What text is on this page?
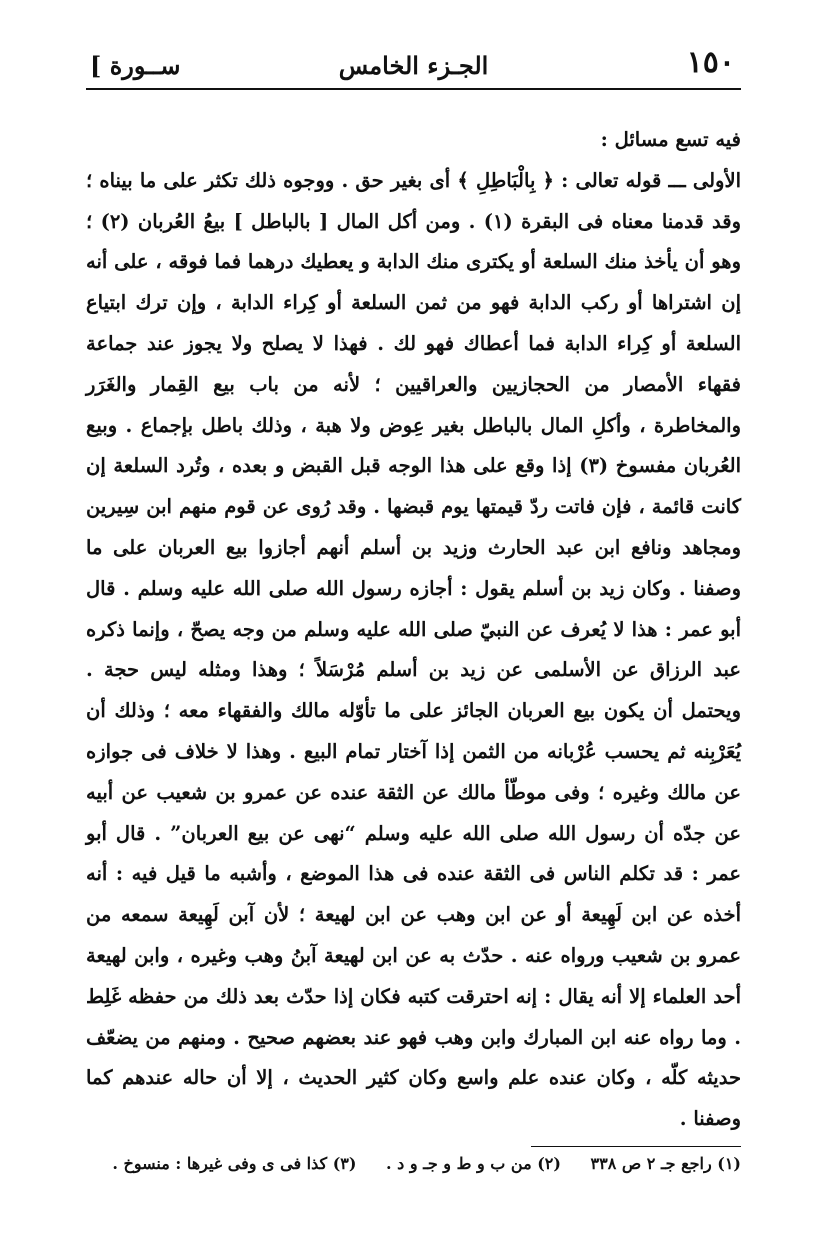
١٥٠
الجـزء الخامس
[ ســورة

فيه تسع مسائل :

الأولى ـــ قوله تعالى : ﴿ بِالْبَاطِلِ ﴾ أى بغير حق . ووجوه ذلك تكثر على ما بيناه ؛ وقد قدمنا معناه فى البقرة (١) . ومن أكل المال [ بالباطل ] بيعُ العُربان (٢) ؛ وهو أن يأخذ منك السلعة أو يكترى منك الدابة و يعطيك درهما فما فوقه ، على أنه إن اشتراها أو ركب الدابة فهو من ثمن السلعة أو كِراء الدابة ، وإن ترك ابتياع السلعة أو كِراء الدابة فما أعطاك فهو لك . فهذا لا يصلح ولا يجوز عند جماعة فقهاء الأمصار من الحجازيين والعراقيين ؛ لأنه من باب بيع القِمار والغَرَر والمخاطرة ، وأكلِ المال بالباطل بغير عِوض ولا هبة ، وذلك باطل بإجماع . وبيع العُربان مفسوخ (٣) إذا وقع على هذا الوجه قبل القبض و بعده ، وتُرد السلعة إن كانت قائمة ، فإن فاتت ردّ قيمتها يوم قبضها . وقد رُوى عن قوم منهم ابن سِيرين ومجاهد ونافع ابن عبد الحارث وزيد بن أسلم أنهم أجازوا بيع العربان على ما وصفنا . وكان زيد بن أسلم يقول : أجازه رسول الله صلى الله عليه وسلم . قال أبو عمر : هذا لا يُعرف عن النبيّ صلى الله عليه وسلم من وجه يصحّ ، وإنما ذكره عبد الرزاق عن الأسلمى عن زيد بن أسلم مُرْسَلاً ؛ وهذا ومثله ليس حجة . ويحتمل أن يكون بيع العربان الجائز على ما تأوّله مالك والفقهاء معه ؛ وذلك أن يُعَرْبِنه ثم يحسب عُرْبانه من الثمن إذا آختار تمام البيع . وهذا لا خلاف فى جوازه عن مالك وغيره ؛ وفى موطّأ مالك عن الثقة عنده عن عمرو بن شعيب عن أبيه عن جدّه أن رسول الله صلى الله عليه وسلم “نهى عن بيع العربان” . قال أبو عمر : قد تكلم الناس فى الثقة عنده فى هذا الموضع ، وأشبه ما قيل فيه : أنه أخذه عن ابن لَهِيعة أو عن ابن وهب عن ابن لهيعة ؛ لأن آبن لَهِيعة سمعه من عمرو بن شعيب ورواه عنه . حدّث به عن ابن لهيعة آبنُ وهب وغيره ، وابن لهيعة أحد العلماء إلا أنه يقال : إنه احترقت كتبه فكان إذا حدّث بعد ذلك من حفظه غَلِط . وما رواه عنه ابن المبارك وابن وهب فهو عند بعضهم صحيح . ومنهم من يضعّف حديثه كلّه ، وكان عنده علم واسع وكان كثير الحديث ، إلا أن حاله عندهم كما وصفنا .

(١) راجع جـ ٢ ص ٣٣٨ (٢) من ب و ط و جـ و د . (٣) كذا فى ى وفى غيرها : منسوخ .
